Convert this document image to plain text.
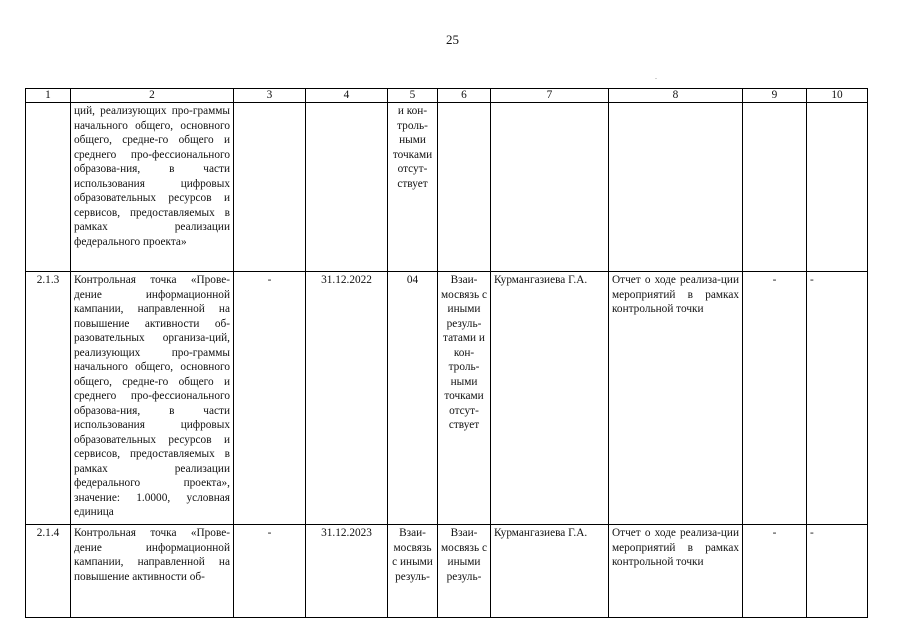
25
.
1	2	3	4	5	6	7	8	9	10
	ций, реализующих про-граммы начального общего, основного общего, средне-го общего и среднего про-фессионального образова-ния, в части использования цифровых образовательных ресурсов и сервисов, предоставляемых в рамках реализации федерального проекта»			и кон-троль-ными точками отсут-ствует					
2.1.3	Контрольная точка «Прове-дение информационной кампании, направленной на повышение активности об-разовательных организа-ций, реализующих про-граммы начального общего, основного общего, средне-го общего и среднего про-фессионального образова-ния, в части использования цифровых образовательных ресурсов и сервисов, предоставляемых в рамках реализации федерального проекта», значение: 1.0000, условная единица	-	31.12.2022	04	Взаи-мосвязь с иными резуль-татами и кон-троль-ными точками отсут-ствует	Курмангазиева Г.А.	Отчет о ходе реализа-ции мероприятий в рамках контрольной точки	-	-
2.1.4	Контрольная точка «Прове-дение информационной кампании, направленной на повышение активности об-	-	31.12.2023	Взаи-мосвязь с иными резуль-	Взаи-мосвязь с иными резуль-	Курмангазиева Г.А.	Отчет о ходе реализа-ции мероприятий в рамках контрольной точки	-	-
